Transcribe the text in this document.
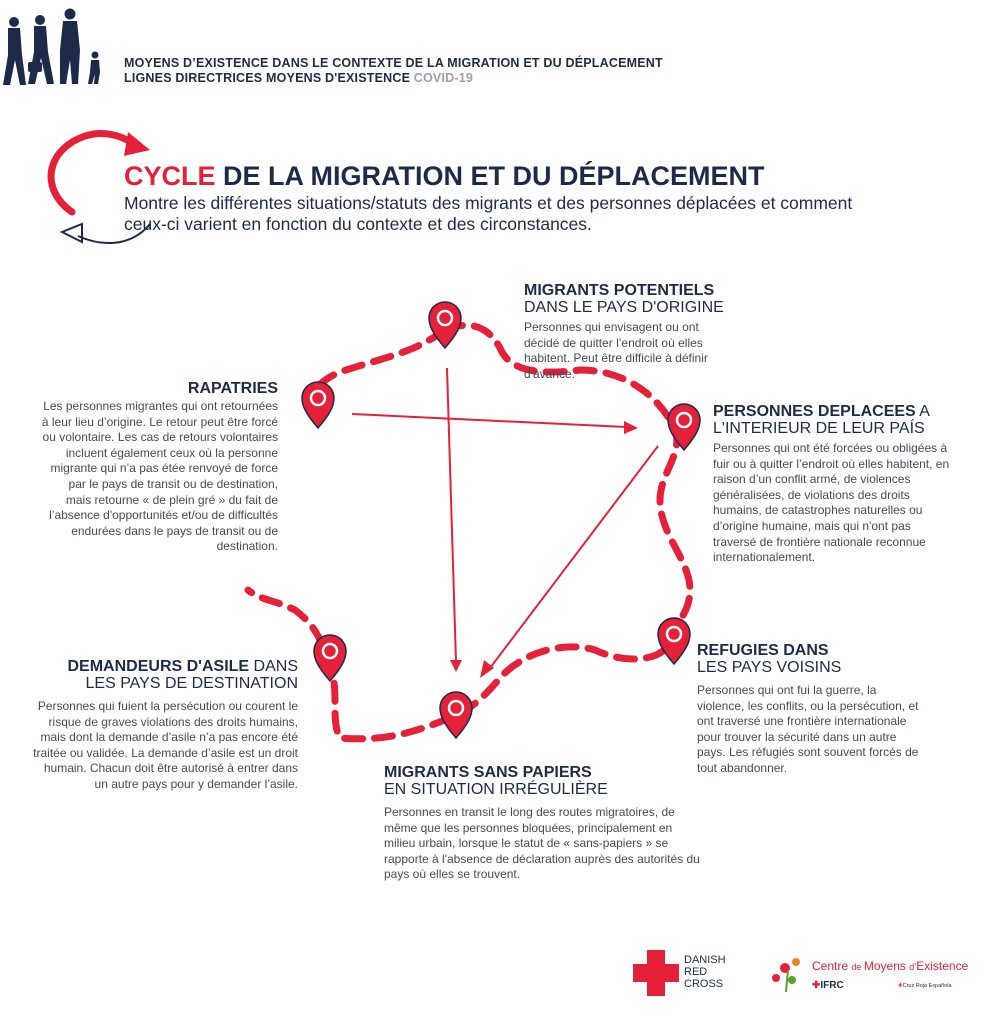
MOYENS D’EXISTENCE DANS LE CONTEXTE DE LA MIGRATION ET DU DÉPLACEMENT
LIGNES DIRECTRICES MOYENS D'EXISTENCE COVID-19
CYCLE DE LA MIGRATION ET DU DÉPLACEMENT
Montre les différentes situations/statuts des migrants et des personnes déplacées et comment ceux-ci varient en fonction du contexte et des circonstances.
MIGRANTS POTENTIELS
DANS LE PAYS D'ORIGINE
Personnes qui envisagent ou ont décidé de quitter l’endroit où elles habitent. Peut être difficile à définir d'avance.
RAPATRIES
Les personnes migrantes qui ont retournées à leur lieu d’origine. Le retour peut être forcé ou volontaire. Les cas de retours volontaires incluent également ceux où la personne migrante qui n’a pas étée renvoyé de force par le pays de transit ou de destination, mais retourne « de plein gré » du fait de l’absence d'opportunités et/ou de difficultés endurées dans le pays de transit ou de destination.
PERSONNES DEPLACEES A
L'INTERIEUR DE LEUR PAÍS
Personnes qui ont été forcées ou obligées à fuir ou à quitter l’endroit où elles habitent, en raison d’un conflit armé, de violences généralisées, de violations des droits humains, de catastrophes naturelles ou d’origine humaine, mais qui n'ont pas traversé de frontière nationale reconnue internationalement.
REFUGIES DANS
LES PAYS VOISINS
Personnes qui ont fui la guerre, la violence, les conflits, ou la persécution, et ont traversé une frontière internationale pour trouver la sécurité dans un autre pays. Les réfugiés sont souvent forcés de tout abandonner.
DEMANDEURS D'ASILE DANS
LES PAYS DE DESTINATION
Personnes qui fuient la persécution ou courent le risque de graves violations des droits humains, mais dont la demande d’asile n’a pas encore été traitée ou validée. La demande d’asile est un droit humain. Chacun doit être autorisé à entrer dans un autre pays pour y demander l’asile.
MIGRANTS SANS PAPIERS
EN SITUATION IRRÉGULIÈRE
Personnes en transit le long des routes migratoires, de même que les personnes bloquées, principalement en milieu urbain, lorsque le statut de « sans-papiers » se rapporte à l'absence de déclaration auprès des autorités du pays où elles se trouvent.
DANISH
RED
CROSS
Centre de Moyens d’Existence
✚IFRC	✚Cruz Roja Española
